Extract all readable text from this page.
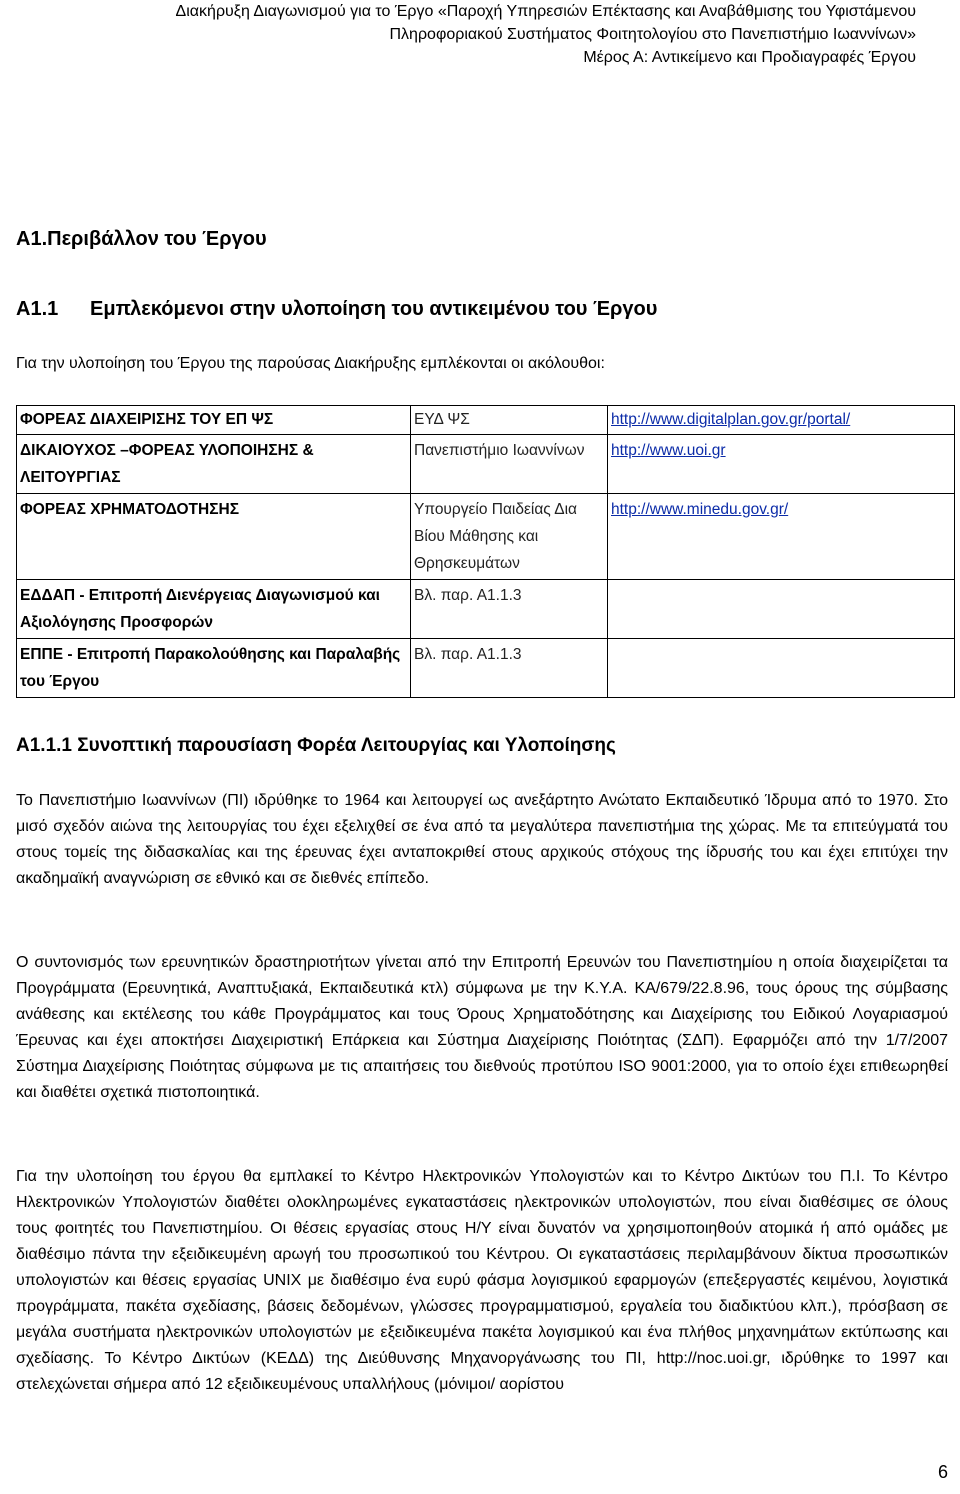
Διακήρυξη Διαγωνισμού για το Έργο «Παροχή Υπηρεσιών Επέκτασης και Αναβάθμισης του Υφιστάμενου
Πληροφοριακού Συστήματος Φοιτητολογίου στο Πανεπιστήμιο Ιωαννίνων»
Μέρος Α: Αντικείμενο και Προδιαγραφές Έργου
Α1.Περιβάλλον του Έργου
Α1.1 Εμπλεκόμενοι στην υλοποίηση του αντικειμένου του Έργου
Για την υλοποίηση του Έργου της παρούσας Διακήρυξης εμπλέκονται οι ακόλουθοι:
ΦΟΡΕΑΣ ΔΙΑΧΕΙΡΙΣΗΣ ΤΟΥ ΕΠ ΨΣ	ΕΥΔ ΨΣ	http://www.digitalplan.gov.gr/portal/
ΔΙΚΑΙΟΥΧΟΣ –ΦΟΡΕΑΣ ΥΛΟΠΟΙΗΣΗΣ & ΛΕΙΤΟΥΡΓΙΑΣ	Πανεπιστήμιο Ιωαννίνων	http://www.uoi.gr
ΦΟΡΕΑΣ ΧΡΗΜΑΤΟΔΟΤΗΣΗΣ	Υπουργείο Παιδείας Δια Βίου Μάθησης και Θρησκευμάτων	http://www.minedu.gov.gr/
ΕΔΔΑΠ - Επιτροπή Διενέργειας Διαγωνισμού και Αξιολόγησης Προσφορών	Βλ. παρ. Α1.1.3	
ΕΠΠΕ - Επιτροπή Παρακολούθησης και Παραλαβής του Έργου	Βλ. παρ. Α1.1.3	
Α1.1.1 Συνοπτική παρουσίαση Φορέα Λειτουργίας και Υλοποίησης

Το Πανεπιστήμιο Ιωαννίνων (ΠΙ) ιδρύθηκε το 1964 και λειτουργεί ως ανεξάρτητο Ανώτατο Εκπαιδευτικό Ίδρυμα από το 1970. Στο μισό σχεδόν αιώνα της λειτουργίας του έχει εξελιχθεί σε ένα από τα μεγαλύτερα πανεπιστήμια της χώρας. Με τα επιτεύγματά του στους τομείς της διδασκαλίας και της έρευνας έχει ανταποκριθεί στους αρχικούς στόχους της ίδρυσής του και έχει επιτύχει την ακαδημαϊκή αναγνώριση σε εθνικό και σε διεθνές επίπεδο.

Ο συντονισμός των ερευνητικών δραστηριοτήτων γίνεται από την Επιτροπή Ερευνών του Πανεπιστημίου η οποία διαχειρίζεται τα Προγράμματα (Ερευνητικά, Αναπτυξιακά, Εκπαιδευτικά κτλ) σύμφωνα με την Κ.Υ.Α. ΚΑ/679/22.8.96, τους όρους της σύμβασης ανάθεσης και εκτέλεσης του κάθε Προγράμματος και τους Όρους Χρηματοδότησης και Διαχείρισης του Ειδικού Λογαριασμού Έρευνας και έχει αποκτήσει Διαχειριστική Επάρκεια και Σύστημα Διαχείρισης Ποιότητας (ΣΔΠ). Εφαρμόζει από την 1/7/2007 Σύστημα Διαχείρισης Ποιότητας σύμφωνα με τις απαιτήσεις του διεθνούς προτύπου ISO 9001:2000, για το οποίο έχει επιθεωρηθεί και διαθέτει σχετικά πιστοποιητικά.

Για την υλοποίηση του έργου θα εμπλακεί το Κέντρο Ηλεκτρονικών Υπολογιστών και το Κέντρο Δικτύων του Π.Ι. Το Κέντρο Ηλεκτρονικών Υπολογιστών διαθέτει ολοκληρωμένες εγκαταστάσεις ηλεκτρονικών υπολογιστών, που είναι διαθέσιμες σε όλους τους φοιτητές του Πανεπιστημίου. Οι θέσεις εργασίας στους Η/Υ είναι δυνατόν να χρησιμοποιηθούν ατομικά ή από ομάδες με διαθέσιμο πάντα την εξειδικευμένη αρωγή του προσωπικού του Κέντρου. Οι εγκαταστάσεις περιλαμβάνουν δίκτυα προσωπικών υπολογιστών και θέσεις εργασίας UNIX με διαθέσιμο ένα ευρύ φάσμα λογισμικού εφαρμογών (επεξεργαστές κειμένου, λογιστικά προγράμματα, πακέτα σχεδίασης, βάσεις δεδομένων, γλώσσες προγραμματισμού, εργαλεία του διαδικτύου κλπ.), πρόσβαση σε μεγάλα συστήματα ηλεκτρονικών υπολογιστών με εξειδικευμένα πακέτα λογισμικού και ένα πλήθος μηχανημάτων εκτύπωσης και σχεδίασης. Το Κέντρο Δικτύων (ΚΕΔΔ) της Διεύθυνσης Μηχανοργάνωσης του ΠΙ, http://noc.uoi.gr, ιδρύθηκε το 1997 και στελεχώνεται σήμερα από 12 εξειδικευμένους υπαλλήλους (μόνιμοι/ αορίστου

6
